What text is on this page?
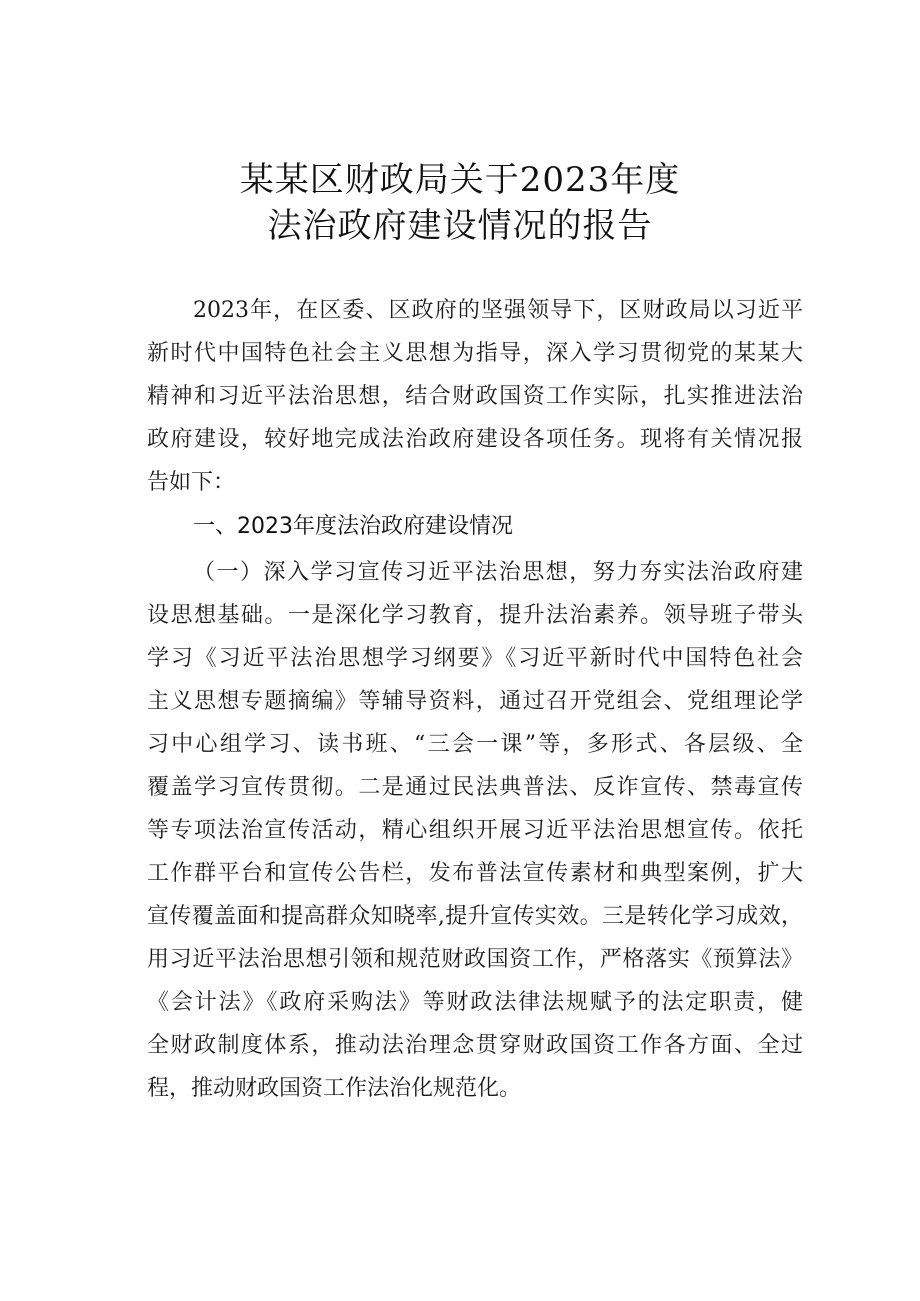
某某区财政局关于2023年度
法治政府建设情况的报告
2023年，在区委、区政府的坚强领导下，区财政局以习近平
新时代中国特色社会主义思想为指导，深入学习贯彻党的某某大
精神和习近平法治思想，结合财政国资工作实际，扎实推进法治
政府建设，较好地完成法治政府建设各项任务。现将有关情况报
告如下：
一、2023年度法治政府建设情况
（一）深入学习宣传习近平法治思想，努力夯实法治政府建
设思想基础。一是深化学习教育，提升法治素养。领导班子带头
学习《习近平法治思想学习纲要》《习近平新时代中国特色社会
主义思想专题摘编》等辅导资料，通过召开党组会、党组理论学
习中心组学习、读书班、“三会一课”等，多形式、各层级、全
覆盖学习宣传贯彻。二是通过民法典普法、反诈宣传、禁毒宣传
等专项法治宣传活动，精心组织开展习近平法治思想宣传。依托
工作群平台和宣传公告栏，发布普法宣传素材和典型案例，扩大
宣传覆盖面和提高群众知晓率,提升宣传实效。三是转化学习成效，
用习近平法治思想引领和规范财政国资工作，严格落实《预算法》
《会计法》《政府采购法》等财政法律法规赋予的法定职责，健
全财政制度体系，推动法治理念贯穿财政国资工作各方面、全过
程，推动财政国资工作法治化规范化。
